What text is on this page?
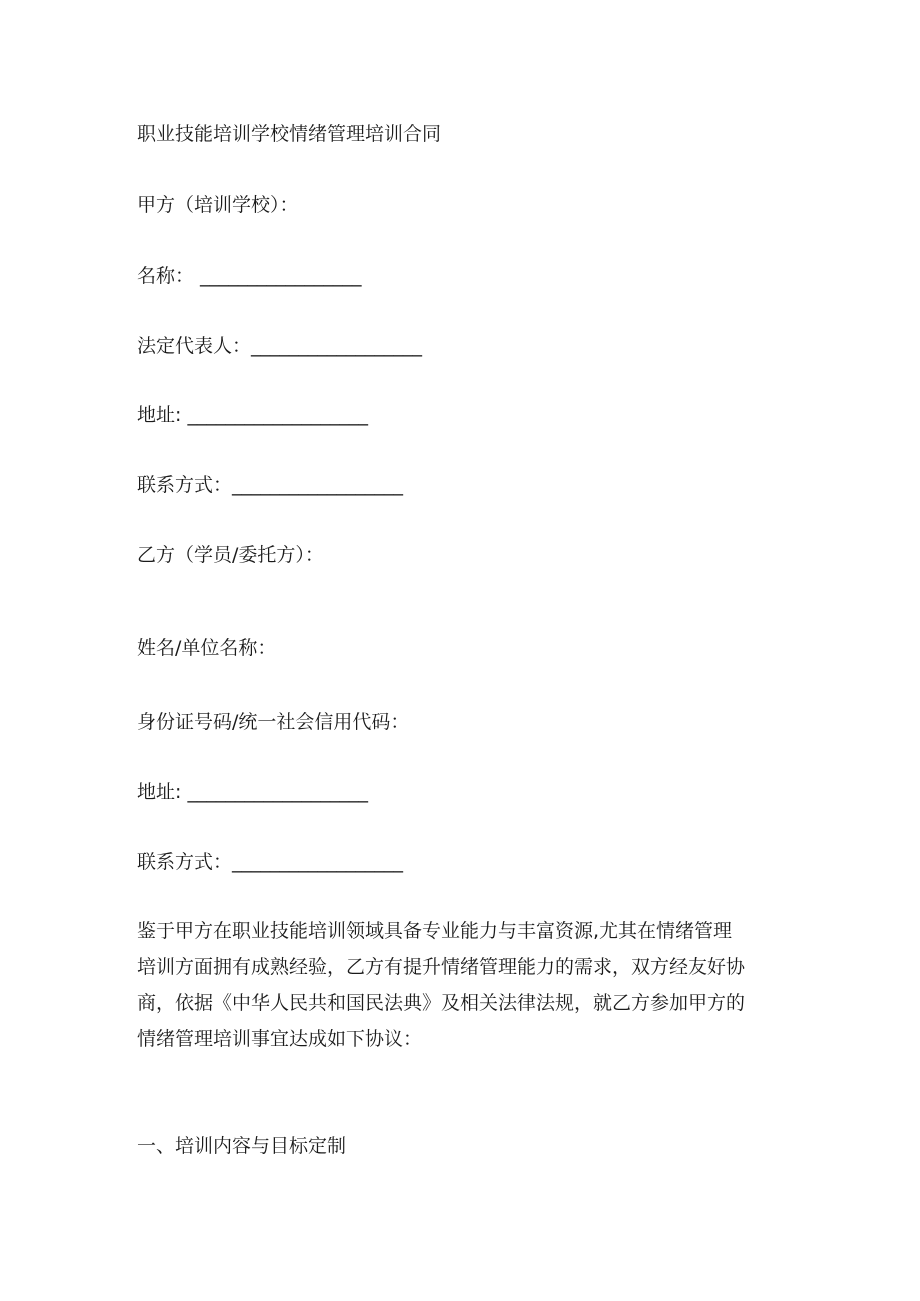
职业技能培训学校情绪管理培训合同
甲方（培训学校）：
名称： _________________
法定代表人：__________________
地址: ___________________
联系方式：__________________
乙方（学员/委托方）：
姓名/单位名称：
身份证号码/统一社会信用代码：
地址: ___________________
联系方式：__________________
鉴于甲方在职业技能培训领域具备专业能力与丰富资源,尤其在情绪管理
培训方面拥有成熟经验，乙方有提升情绪管理能力的需求，双方经友好协
商，依据《中华人民共和国民法典》及相关法律法规，就乙方参加甲方的
情绪管理培训事宜达成如下协议：
一、培训内容与目标定制
